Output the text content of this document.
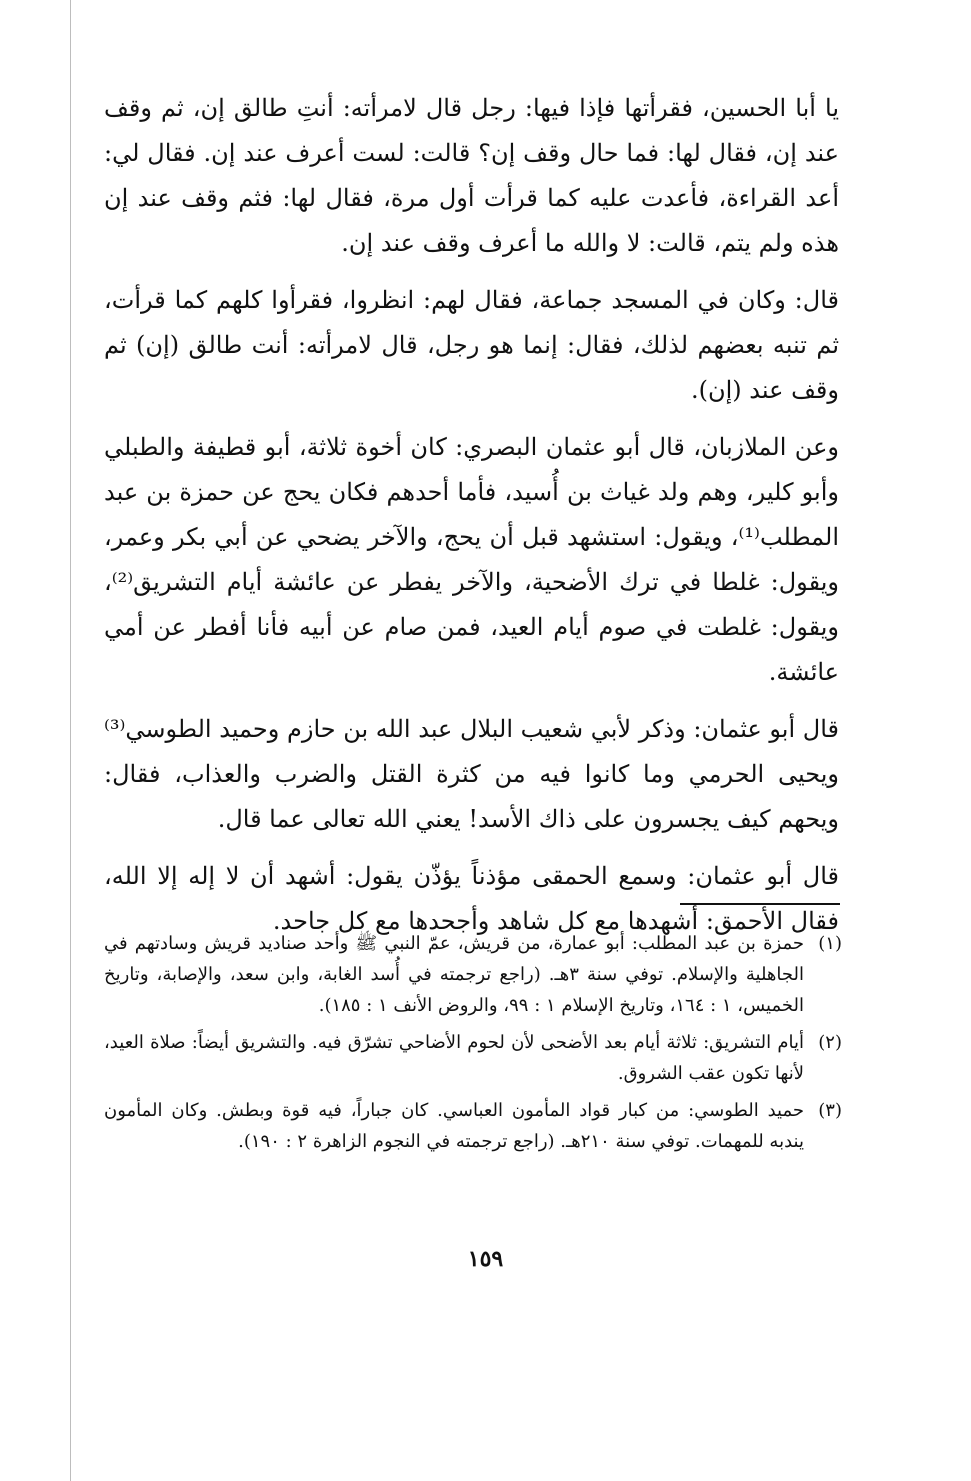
يا أبا الحسين، فقرأتها فإذا فيها: رجل قال لامرأته: أنتِ طالق إن، ثم وقف عند إن، فقال لها: فما حال وقف إن؟ قالت: لست أعرف عند إن. فقال لي: أعد القراءة، فأعدت عليه كما قرأت أول مرة، فقال لها: فثم وقف عند إن هذه ولم يتم، قالت: لا والله ما أعرف وقف عند إن.

قال: وكان في المسجد جماعة، فقال لهم: انظروا، فقرأوا كلهم كما قرأت، ثم تنبه بعضهم لذلك، فقال: إنما هو رجل، قال لامرأته: أنت طالق (إن) ثم وقف عند (إن).

وعن الملازبان، قال أبو عثمان البصري: كان أخوة ثلاثة، أبو قطيفة والطبلي وأبو كلير، وهم ولد غياث بن أُسيد، فأما أحدهم فكان يحج عن حمزة بن عبد المطلب⁽¹⁾، ويقول: استشهد قبل أن يحج، والآخر يضحي عن أبي بكر وعمر، ويقول: غلطا في ترك الأضحية، والآخر يفطر عن عائشة أيام التشريق⁽²⁾، ويقول: غلطت في صوم أيام العيد، فمن صام عن أبيه فأنا أفطر عن أمي عائشة.

قال أبو عثمان: وذكر لأبي شعيب البلال عبد الله بن حازم وحميد الطوسي⁽³⁾ ويحيى الحرمي وما كانوا فيه من كثرة القتل والضرب والعذاب، فقال: ويحهم كيف يجسرون على ذاك الأسد! يعني الله تعالى عما قال.

قال أبو عثمان: وسمع الحمقى مؤذناً يؤذّن يقول: أشهد أن لا إله إلا الله، فقال الأحمق: أشهدها مع كل شاهد وأجحدها مع كل جاحد.

(١)
حمزة بن عبد المطلب: أبو عمارة، من قريش، عمّ النبي ﷺ وأحد صناديد قريش وسادتهم في الجاهلية والإسلام. توفي سنة ٣هـ. (راجع ترجمته في أُسد الغابة، وابن سعد، والإصابة، وتاريخ الخميس، ١ : ١٦٤، وتاريخ الإسلام ١ : ٩٩، والروض الأنف ١ : ١٨٥).
(٢)
أيام التشريق: ثلاثة أيام بعد الأضحى لأن لحوم الأضاحي تشرّق فيه. والتشريق أيضاً: صلاة العيد، لأنها تكون عقب الشروق.
(٣)
حميد الطوسي: من كبار قواد المأمون العباسي. كان جباراً، فيه قوة وبطش. وكان المأمون يندبه للمهمات. توفي سنة ٢١٠هـ. (راجع ترجمته في النجوم الزاهرة ٢ : ١٩٠).
١٥٩
